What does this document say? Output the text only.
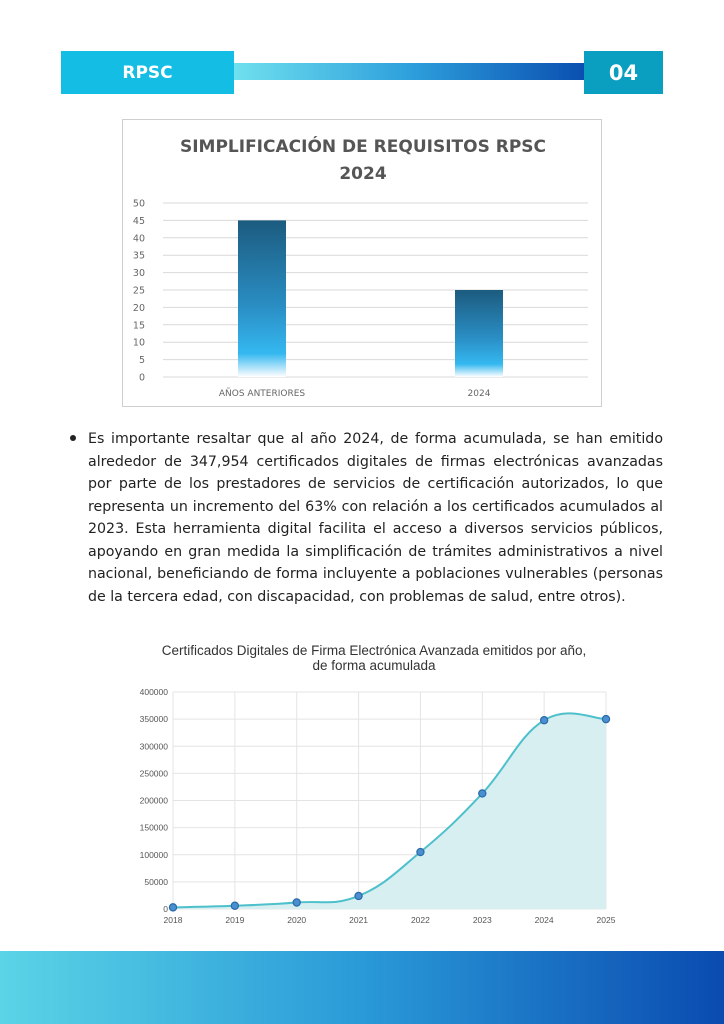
RPSC	04
SIMPLIFICACIÓN DE REQUISITOS RPSC
2024
0
5
10
15
20
25
30
35
40
45
50
AÑOS ANTERIORES	2024

Es importante resaltar que al año 2024, de forma acumulada, se han emitido alrededor de 347,954 certificados digitales de firmas electrónicas avanzadas por parte de los prestadores de servicios de certificación autorizados, lo que representa un incremento del 63% con relación a los certificados acumulados al 2023. Esta herramienta digital facilita el acceso a diversos servicios públicos, apoyando en gran medida la simplificación de trámites administrativos a nivel nacional, beneficiando de forma incluyente a poblaciones vulnerables (personas de la tercera edad, con discapacidad, con problemas de salud, entre otros).

Certificados Digitales de Firma Electrónica Avanzada emitidos por año,
de forma acumulada
0
50000
100000
150000
200000
250000
300000
350000
400000
2018	2019	2020	2021	2022	2023	2024	2025
